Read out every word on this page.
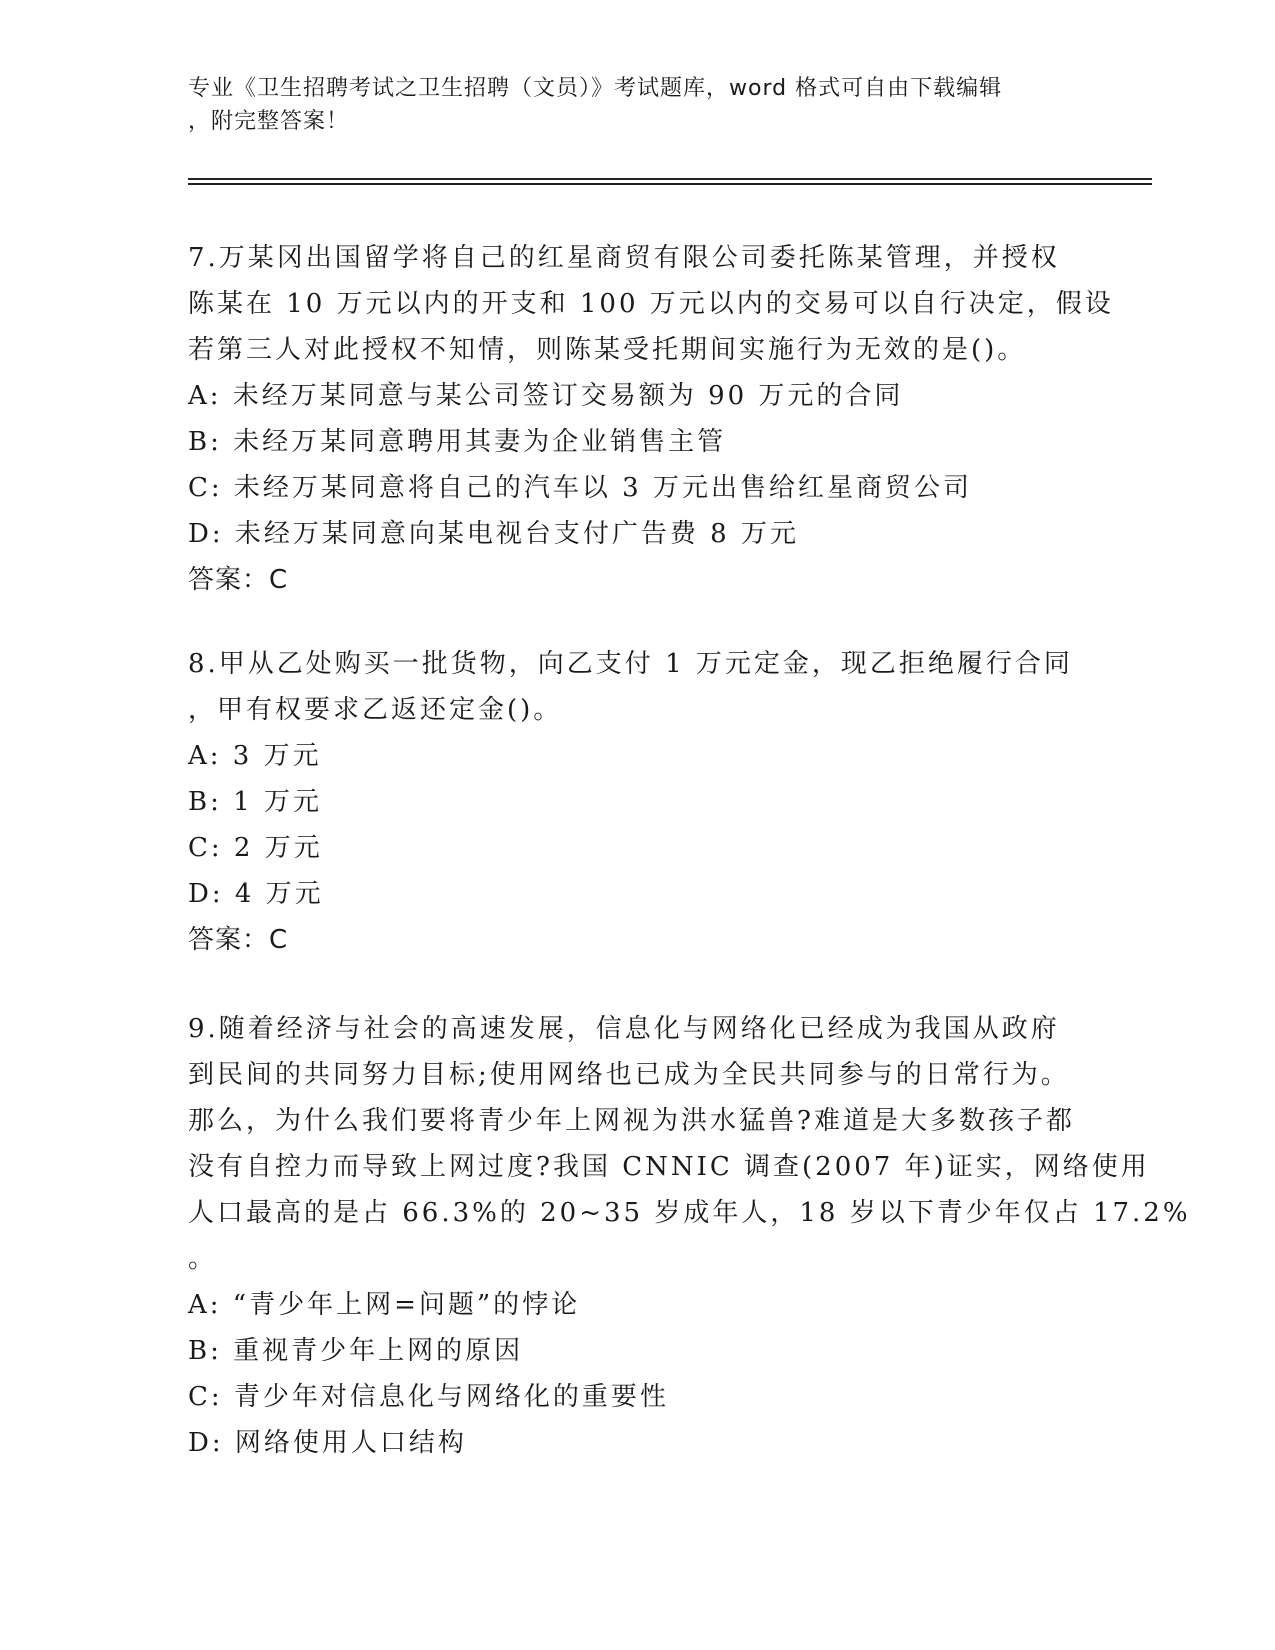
专业《卫生招聘考试之卫生招聘（文员）》考试题库，word 格式可自由下载编辑
，附完整答案！
7.万某冈出国留学将自己的红星商贸有限公司委托陈某管理，并授权
陈某在 10 万元以内的开支和 100 万元以内的交易可以自行决定，假设
若第三人对此授权不知情，则陈某受托期间实施行为无效的是()。
A: 未经万某同意与某公司签订交易额为 90 万元的合同
B: 未经万某同意聘用其妻为企业销售主管
C: 未经万某同意将自己的汽车以 3 万元出售给红星商贸公司
D: 未经万某同意向某电视台支付广告费 8 万元
答案：C
8.甲从乙处购买一批货物，向乙支付 1 万元定金，现乙拒绝履行合同
，甲有权要求乙返还定金()。
A: 3 万元
B: 1 万元
C: 2 万元
D: 4 万元
答案：C
9.随着经济与社会的高速发展，信息化与网络化已经成为我国从政府
到民间的共同努力目标;使用网络也已成为全民共同参与的日常行为。
那么，为什么我们要将青少年上网视为洪水猛兽?难道是大多数孩子都
没有自控力而导致上网过度?我国 CNNIC 调查(2007 年)证实，网络使用
人口最高的是占 66.3%的 20~35 岁成年人，18 岁以下青少年仅占 17.2%
。
A: “青少年上网=问题”的悖论
B: 重视青少年上网的原因
C: 青少年对信息化与网络化的重要性
D: 网络使用人口结构
